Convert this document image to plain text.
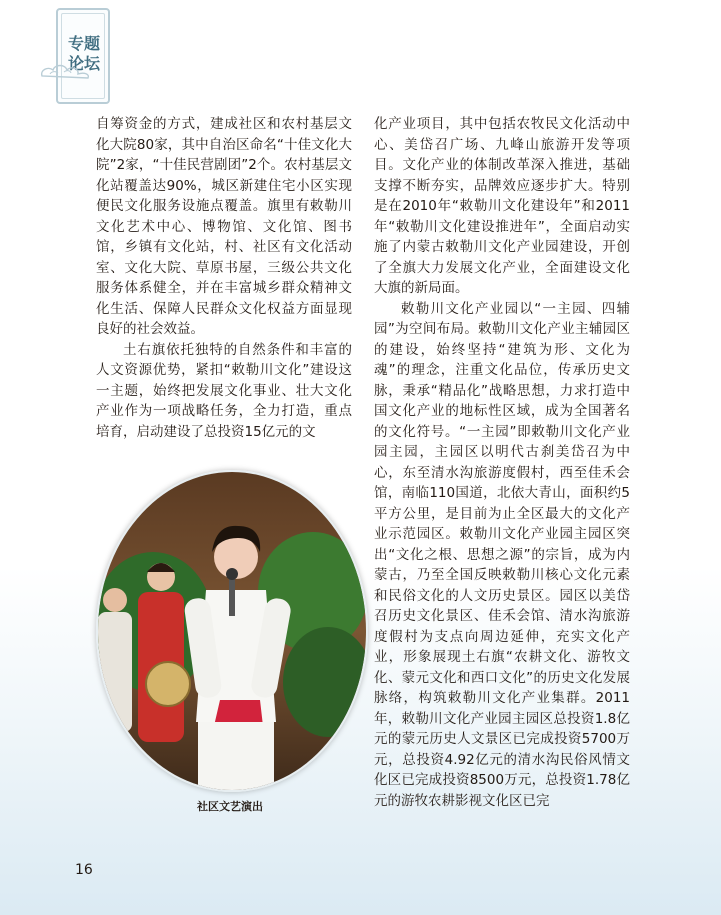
专题论坛

自筹资金的方式，建成社区和农村基层文化大院80家，其中自治区命名“十佳文化大院”2家，“十佳民营剧团”2个。农村基层文化站覆盖达90%，城区新建住宅小区实现便民文化服务设施点覆盖。旗里有敕勒川文化艺术中心、博物馆、文化馆、图书馆，乡镇有文化站，村、社区有文化活动室、文化大院、草原书屋，三级公共文化服务体系健全，并在丰富城乡群众精神文化生活、保障人民群众文化权益方面显现良好的社会效益。

土右旗依托独特的自然条件和丰富的人文资源优势，紧扣“敕勒川文化”建设这一主题，始终把发展文化事业、壮大文化产业作为一项战略任务，全力打造，重点培育，启动建设了总投资15亿元的文

化产业项目，其中包括农牧民文化活动中心、美岱召广场、九峰山旅游开发等项目。文化产业的体制改革深入推进，基础支撑不断夯实，品牌效应逐步扩大。特别是在2010年“敕勒川文化建设年”和2011年“敕勒川文化建设推进年”，全面启动实施了内蒙古敕勒川文化产业园建设，开创了全旗大力发展文化产业，全面建设文化大旗的新局面。

敕勒川文化产业园以“一主园、四辅园”为空间布局。敕勒川文化产业主辅园区的建设，始终坚持“建筑为形、文化为魂”的理念，注重文化品位，传承历史文脉，秉承“精品化”战略思想，力求打造中国文化产业的地标性区域，成为全国著名的文化符号。“一主园”即敕勒川文化产业园主园，主园区以明代古刹美岱召为中心，东至清水沟旅游度假村，西至佳禾会馆，南临110国道，北依大青山，面积约5平方公里，是目前为止全区最大的文化产业示范园区。敕勒川文化产业园主园区突出“文化之根、思想之源”的宗旨，成为内蒙古，乃至全国反映敕勒川核心文化元素和民俗文化的人文历史景区。园区以美岱召历史文化景区、佳禾会馆、清水沟旅游度假村为支点向周边延伸，充实文化产业，形象展现土右旗“农耕文化、游牧文化、蒙元文化和西口文化”的历史文化发展脉络，构筑敕勒川文化产业集群。2011年，敕勒川文化产业园主园区总投资1.8亿元的蒙元历史人文景区已完成投资5700万元，总投资4.92亿元的清水沟民俗风情文化区已完成投资8500万元，总投资1.78亿元的游牧农耕影视文化区已完

社区文艺演出
16
